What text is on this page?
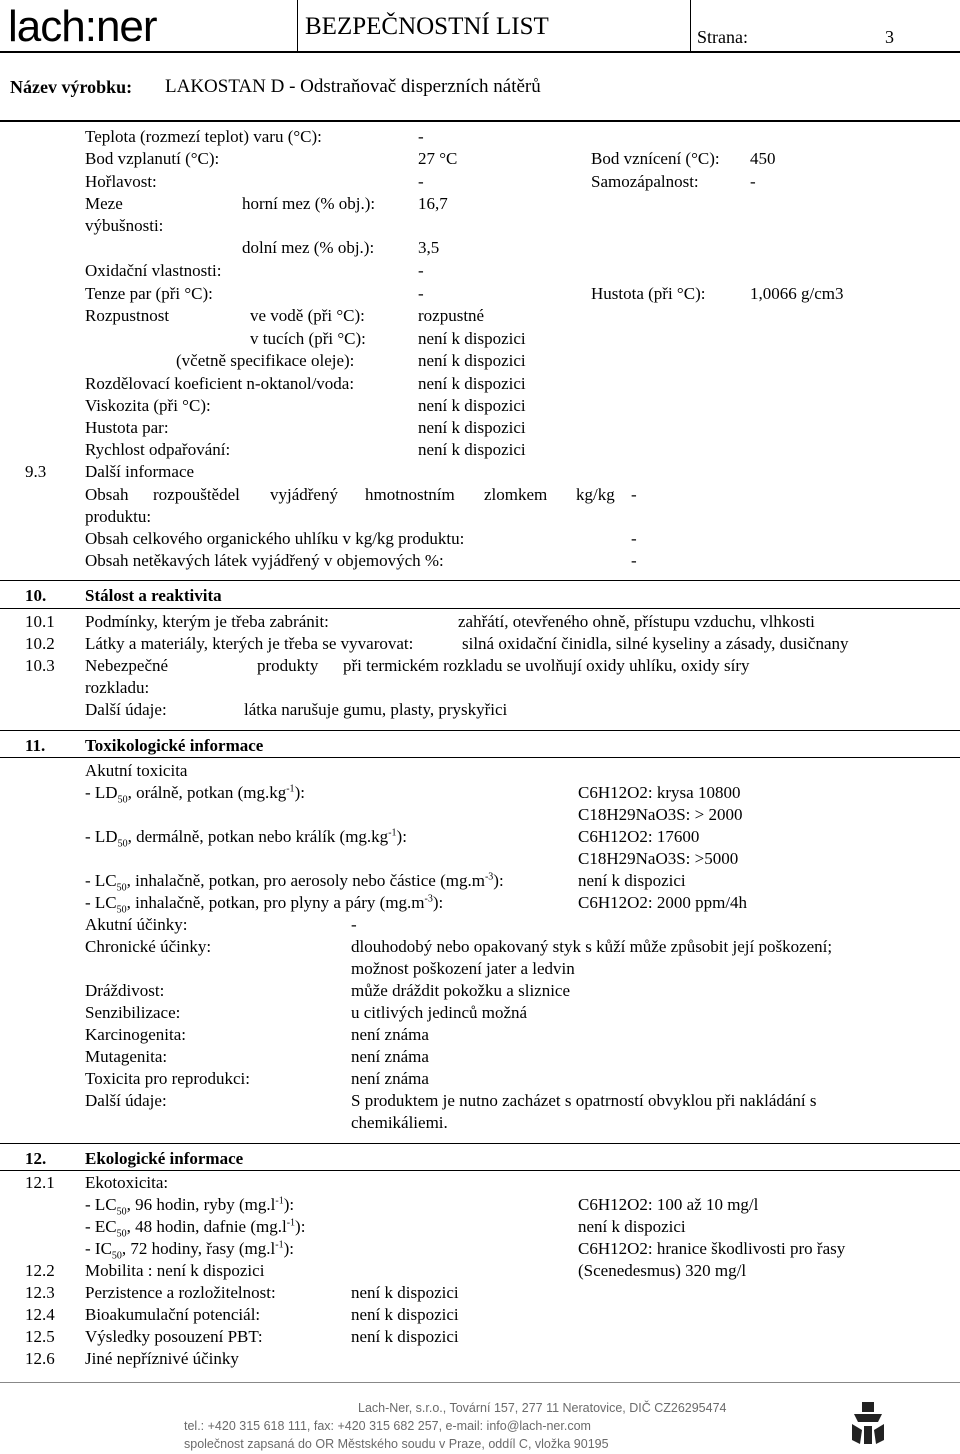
lach:ner	BEZPEČNOSTNÍ LIST	Strana:	3
Název výrobku: LAKOSTAN D - Odstraňovač disperzních nátěrů
Teplota (rozmezí teplot) varu (°C):	-
Bod vzplanutí (°C):	27 °C	Bod vznícení (°C): 450
Hořlavost:	-	Samozápalnost:	-
Meze	horní mez (% obj.):	16,7
výbušnosti:
dolní mez (% obj.):	3,5
Oxidační vlastnosti:	-
Tenze par (při °C):	-	Hustota (při °C):	1,0066 g/cm3
Rozpustnost	ve vodě (při °C):	rozpustné
v tucích (při °C):	není k dispozici
(včetně specifikace oleje):	není k dispozici
Rozdělovací koeficient n-oktanol/voda:	není k dispozici
Viskozita (při °C):	není k dispozici
Hustota par:	není k dispozici
Rychlost odpařování:	není k dispozici
9.3 Další informace
Obsah rozpouštědel vyjádřený hmotnostním zlomkem kg/kg -
produktu:
Obsah celkového organického uhlíku v kg/kg produktu:	-
Obsah netěkavých látek vyjádřený v objemových %:	-
10. Stálost a reaktivita
10.1 Podmínky, kterým je třeba zabránit:	zahřátí, otevřeného ohně, přístupu vzduchu, vlhkosti
10.2 Látky a materiály, kterých je třeba se vyvarovat:	silná oxidační činidla, silné kyseliny a zásady, dusičnany
10.3 Nebezpečné	produkty při termickém rozkladu se uvolňují oxidy uhlíku, oxidy síry
rozkladu:
Další údaje:	látka narušuje gumu, plasty, pryskyřici
11. Toxikologické informace
Akutní toxicita
- $LD_{50}$, orálně, potkan $(mg.kg^{-1})$:	C6H12O2: krysa 10800
C18H29NaO3S: > 2000
- $LD_{50}$, dermálně, potkan nebo králík $(mg.kg^{-1})$:	C6H12O2: 17600
C18H29NaO3S: >5000
- $LC_{50}$, inhalačně, potkan, pro aerosoly nebo částice $(mg.m^{-3})$:	není k dispozici
- $LC_{50}$, inhalačně, potkan, pro plyny a páry $(mg.m^{-3})$:	C6H12O2: 2000 ppm/4h
Akutní účinky:	-
Chronické účinky:	dlouhodobý nebo opakovaný styk s kůží může způsobit její poškození;
možnost poškození jater a ledvin
Dráždivost:	může dráždit pokožku a sliznice
Senzibilizace:	u citlivých jedinců možná
Karcinogenita:	není známa
Mutagenita:	není známa
Toxicita pro reprodukci:	není známa
Další údaje:	S produktem je nutno zacházet s opatrností obvyklou při nakládání s
chemikáliemi.
12. Ekologické informace
12.1 Ekotoxicita:
- $LC_{50}$, 96 hodin, ryby $(mg.l^{-1})$:	C6H12O2: 100 až 10 mg/l
- $EC_{50}$, 48 hodin, dafnie $(mg.l^{-1})$:	není k dispozici
- $IC_{50}$, 72 hodiny, řasy $(mg.l^{-1})$:	C6H12O2: hranice škodlivosti pro řasy
12.2 Mobilita : není k dispozici	(Scenedesmus) 320 mg/l
12.3 Perzistence a rozložitelnost:	není k dispozici
12.4 Bioakumulační potenciál:	není k dispozici
12.5 Výsledky posouzení PBT:	není k dispozici
12.6 Jiné nepříznivé účinky
Lach-Ner, s.r.o., Tovární 157, 277 11 Neratovice, DIČ CZ26295474
tel.: +420 315 618 111, fax: +420 315 682 257, e-mail: info@lach-ner.com
společnost zapsaná do OR Městského soudu v Praze, oddíl C, vložka 90195
